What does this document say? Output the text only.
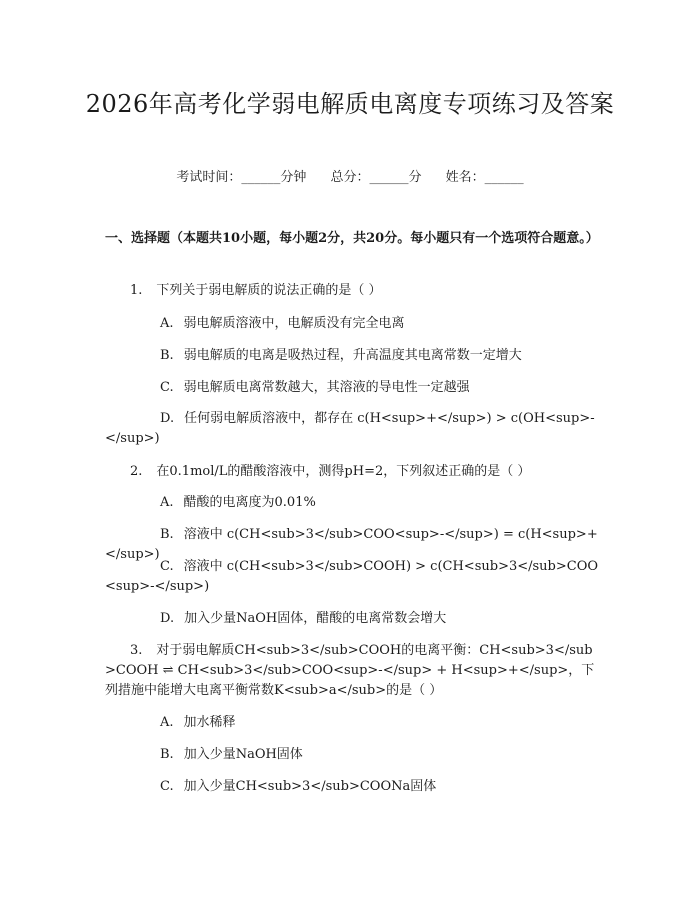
2026年高考化学弱电解质电离度专项练习及答案
考试时间：______分钟 总分：______分 姓名：______
一、选择题（本题共10小题，每小题2分，共20分。每小题只有一个选项符合题意。）
1. 下列关于弱电解质的说法正确的是（ ）
A. 弱电解质溶液中，电解质没有完全电离
B. 弱电解质的电离是吸热过程，升高温度其电离常数一定增大
C. 弱电解质电离常数越大，其溶液的导电性一定越强
D. 任何弱电解质溶液中，都存在 c(H<sup>+</sup>) > c(OH<sup>-</sup>)
2. 在0.1mol/L的醋酸溶液中，测得pH=2，下列叙述正确的是（ ）
A. 醋酸的电离度为0.01%
B. 溶液中 c(CH<sub>3</sub>COO<sup>-</sup>) = c(H<sup>+</sup>)
C. 溶液中 c(CH<sub>3</sub>COOH) > c(CH<sub>3</sub>COO<sup>-</sup>)
D. 加入少量NaOH固体，醋酸的电离常数会增大
3. 对于弱电解质CH<sub>3</sub>COOH的电离平衡：CH<sub>3</sub>COOH ⇌ CH<sub>3</sub>COO<sup>-</sup> + H<sup>+</sup>，下列措施中能增大电离平衡常数K<sub>a</sub>的是（ ）
A. 加水稀释
B. 加入少量NaOH固体
C. 加入少量CH<sub>3</sub>COONa固体
